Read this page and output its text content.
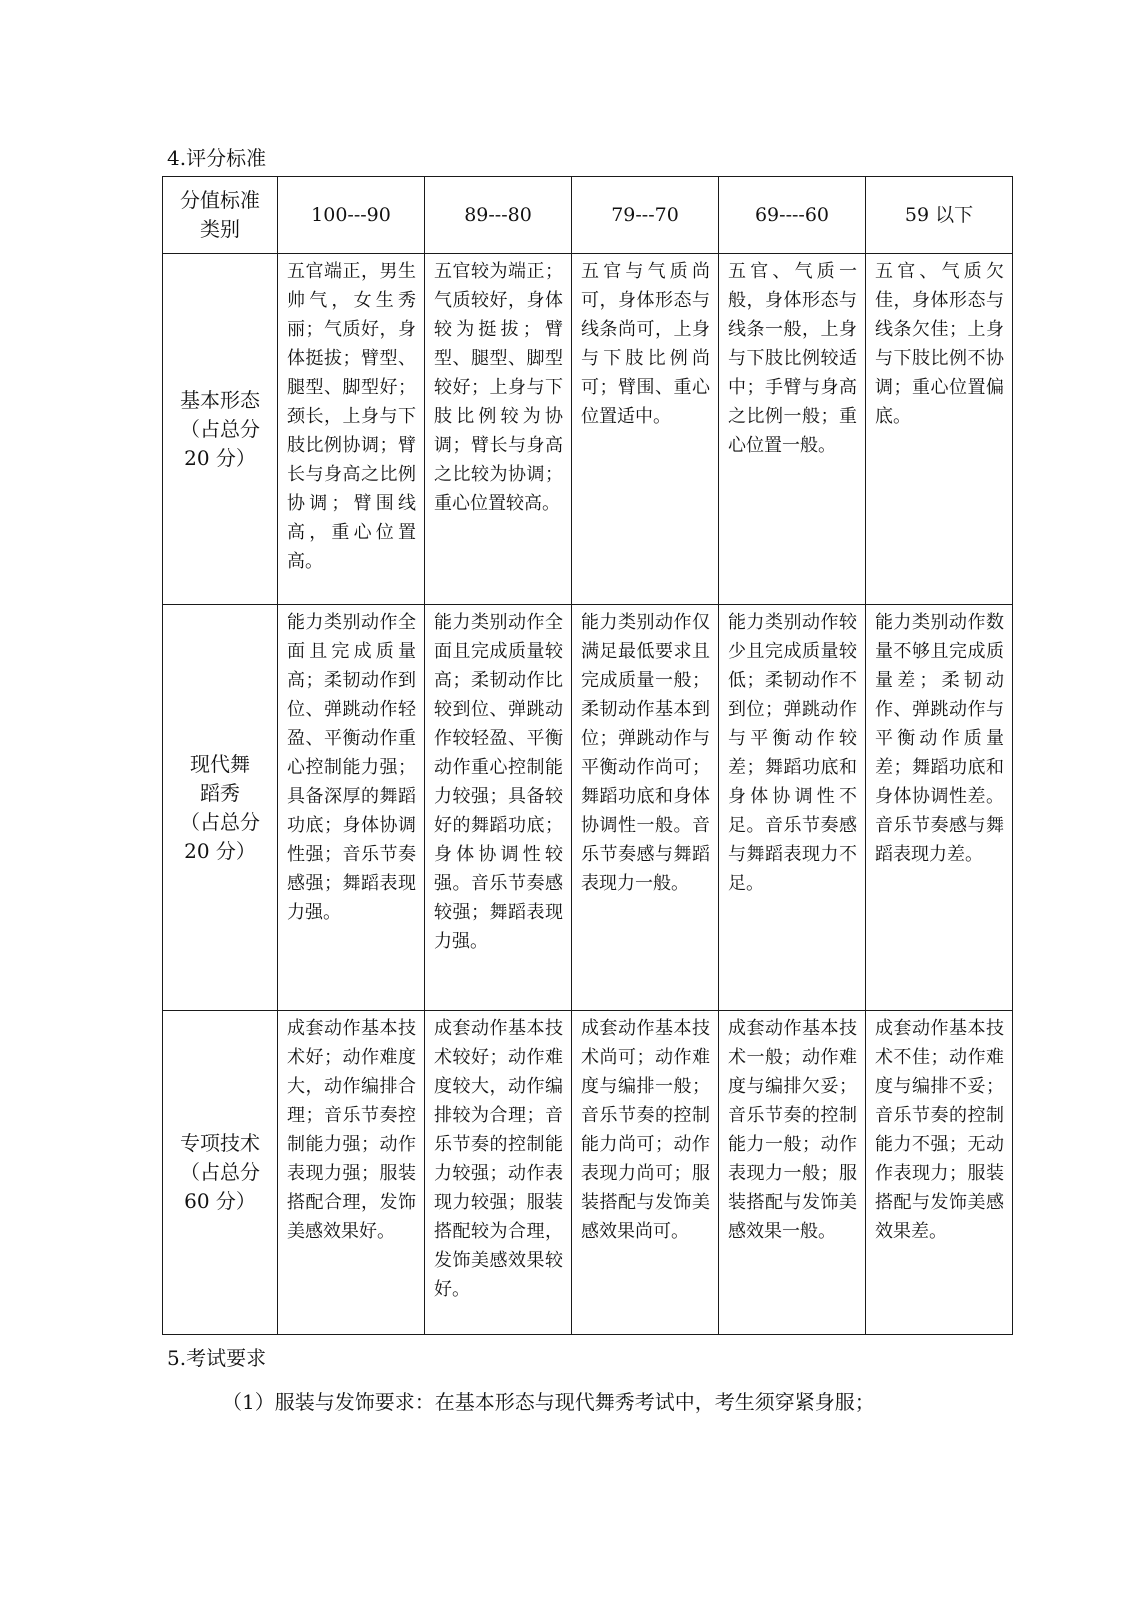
4.评分标准
分值标准
类别	100---90	89---80	79---70	69----60	59 以下

基本形态
（占总分
20 分）	五官端正，男生帅气，女生秀丽；气质好，身体挺拔；臂型、腿型、脚型好；颈长，上身与下肢比例协调；臂长与身高之比例协调；臂围线高，重心位置高。	五官较为端正；气质较好，身体较为挺拔；臂型、腿型、脚型较好；上身与下肢比例较为协调；臂长与身高之比较为协调；重心位置较高。	五官与气质尚可，身体形态与线条尚可，上身与下肢比例尚可；臂围、重心位置适中。	五官、气质一般，身体形态与线条一般，上身与下肢比例较适中；手臂与身高之比例一般；重心位置一般。	五官、气质欠佳，身体形态与线条欠佳；上身与下肢比例不协调；重心位置偏底。

现代舞
蹈秀
（占总分
20 分）	能力类别动作全面且完成质量高；柔韧动作到位、弹跳动作轻盈、平衡动作重心控制能力强；具备深厚的舞蹈功底；身体协调性强；音乐节奏感强；舞蹈表现力强。	能力类别动作全面且完成质量较高；柔韧动作比较到位、弹跳动作较轻盈、平衡动作重心控制能力较强；具备较好的舞蹈功底；身体协调性较强。音乐节奏感较强；舞蹈表现力强。	能力类别动作仅满足最低要求且完成质量一般；柔韧动作基本到位；弹跳动作与平衡动作尚可；舞蹈功底和身体协调性一般。音乐节奏感与舞蹈表现力一般。	能力类别动作较少且完成质量较低；柔韧动作不到位；弹跳动作与平衡动作较差；舞蹈功底和身体协调性不足。音乐节奏感与舞蹈表现力不足。	能力类别动作数量不够且完成质量差；柔韧动作、弹跳动作与平衡动作质量差；舞蹈功底和身体协调性差。音乐节奏感与舞蹈表现力差。

专项技术
（占总分
60 分）	成套动作基本技术好；动作难度大，动作编排合理；音乐节奏控制能力强；动作表现力强；服装搭配合理，发饰美感效果好。	成套动作基本技术较好；动作难度较大，动作编排较为合理；音乐节奏的控制能力较强；动作表现力较强；服装搭配较为合理，发饰美感效果较好。	成套动作基本技术尚可；动作难度与编排一般；音乐节奏的控制能力尚可；动作表现力尚可；服装搭配与发饰美感效果尚可。	成套动作基本技术一般；动作难度与编排欠妥；音乐节奏的控制能力一般；动作表现力一般；服装搭配与发饰美感效果一般。	成套动作基本技术不佳；动作难度与编排不妥；音乐节奏的控制能力不强；无动作表现力；服装搭配与发饰美感效果差。
5.考试要求
（1）服装与发饰要求：在基本形态与现代舞秀考试中，考生须穿紧身服；
